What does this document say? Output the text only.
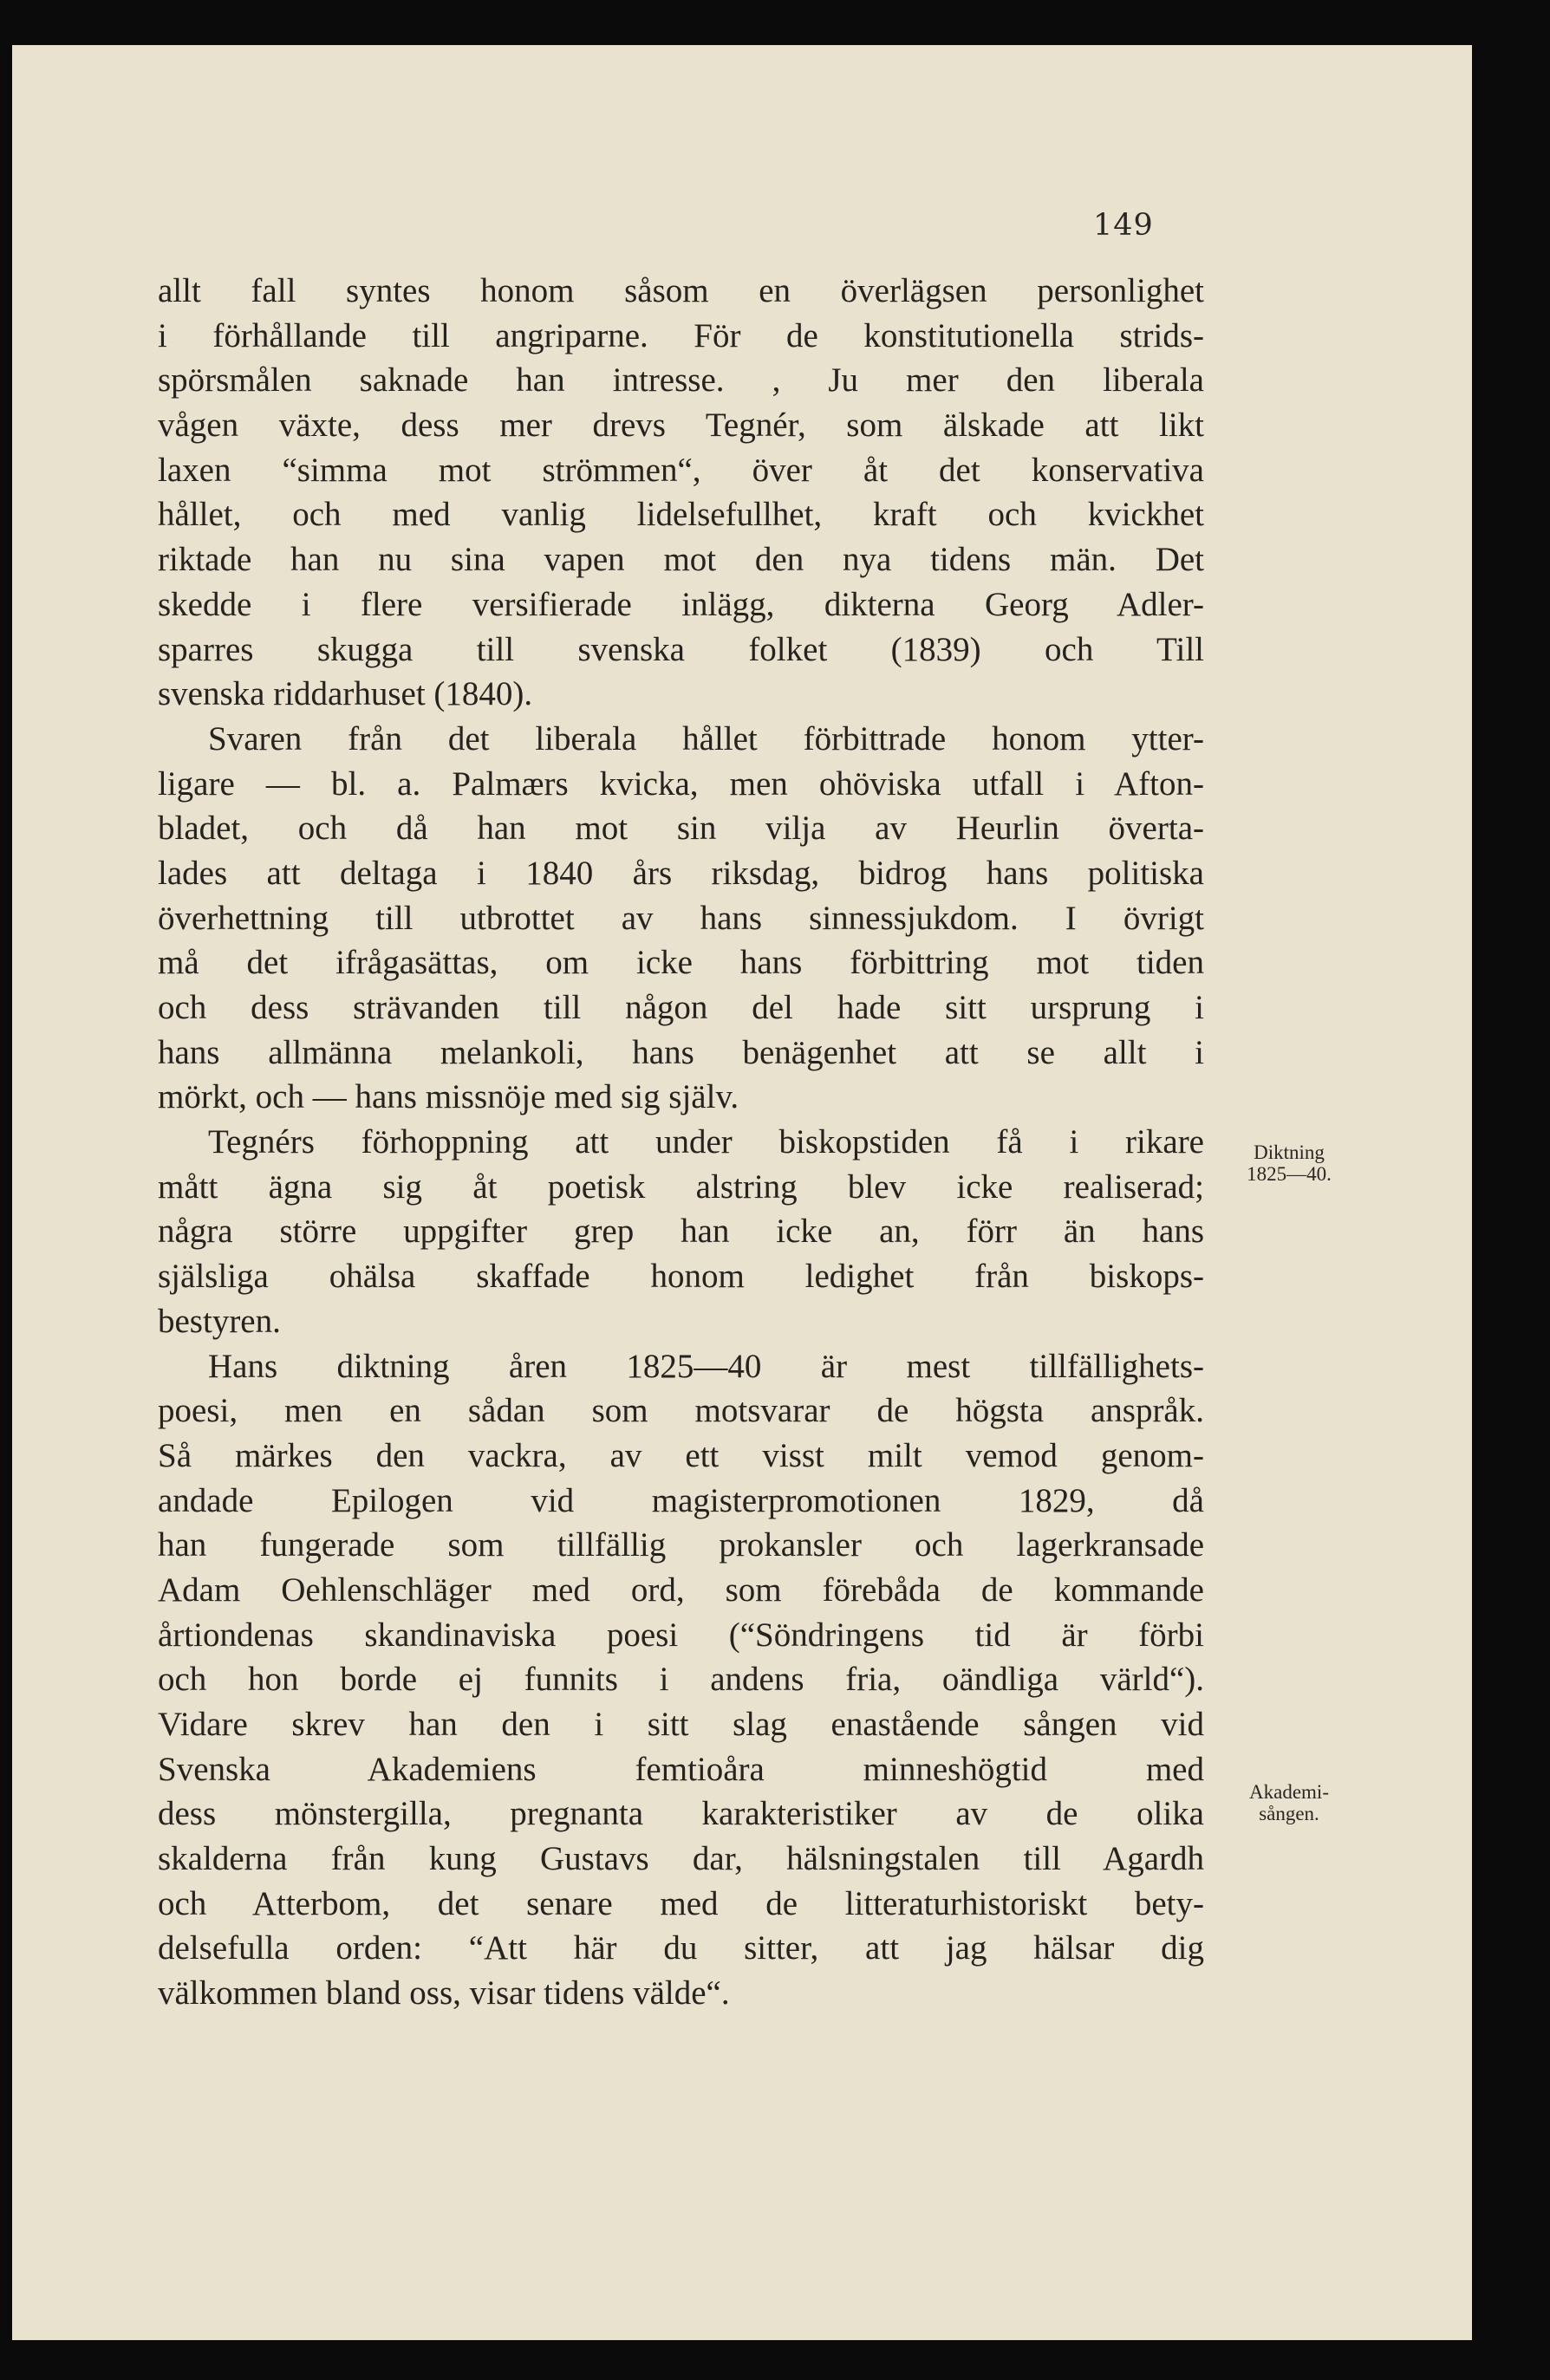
149
allt fall syntes honom såsom en överlägsen personlighet
i förhållande till angriparne. För de konstitutionella strids-
spörsmålen saknade han intresse. , Ju mer den liberala
vågen växte, dess mer drevs Tegnér, som älskade att likt
laxen “simma mot strömmen“, över åt det konservativa
hållet, och med vanlig lidelsefullhet, kraft och kvickhet
riktade han nu sina vapen mot den nya tidens män. Det
skedde i flere versifierade inlägg, dikterna Georg Adler-
sparres skugga till svenska folket (1839) och Till
svenska riddarhuset (1840).
Svaren från det liberala hållet förbittrade honom ytter-
ligare — bl. a. Palmærs kvicka, men ohöviska utfall i Afton-
bladet, och då han mot sin vilja av Heurlin överta-
lades att deltaga i 1840 års riksdag, bidrog hans politiska
överhettning till utbrottet av hans sinnessjukdom. I övrigt
må det ifrågasättas, om icke hans förbittring mot tiden
och dess strävanden till någon del hade sitt ursprung i
hans allmänna melankoli, hans benägenhet att se allt i
mörkt, och — hans missnöje med sig själv.
Tegnérs förhoppning att under biskopstiden få i rikare
mått ägna sig åt poetisk alstring blev icke realiserad;
några större uppgifter grep han icke an, förr än hans
själsliga ohälsa skaffade honom ledighet från biskops-
bestyren.
Hans diktning åren 1825—40 är mest tillfällighets-
poesi, men en sådan som motsvarar de högsta anspråk.
Så märkes den vackra, av ett visst milt vemod genom-
andade Epilogen vid magisterpromotionen 1829, då
han fungerade som tillfällig prokansler och lagerkransade
Adam Oehlenschläger med ord, som förebåda de kommande
årtiondenas skandinaviska poesi (“Söndringens tid är förbi
och hon borde ej funnits i andens fria, oändliga värld“).
Vidare skrev han den i sitt slag enastående sången vid
Svenska Akademiens femtioåra minneshögtid med
dess mönstergilla, pregnanta karakteristiker av de olika
skalderna från kung Gustavs dar, hälsningstalen till Agardh
och Atterbom, det senare med de litteraturhistoriskt bety-
delsefulla orden: “Att här du sitter, att jag hälsar dig
välkommen bland oss, visar tidens välde“.
Diktning
1825—40.
Akademi-
sången.
